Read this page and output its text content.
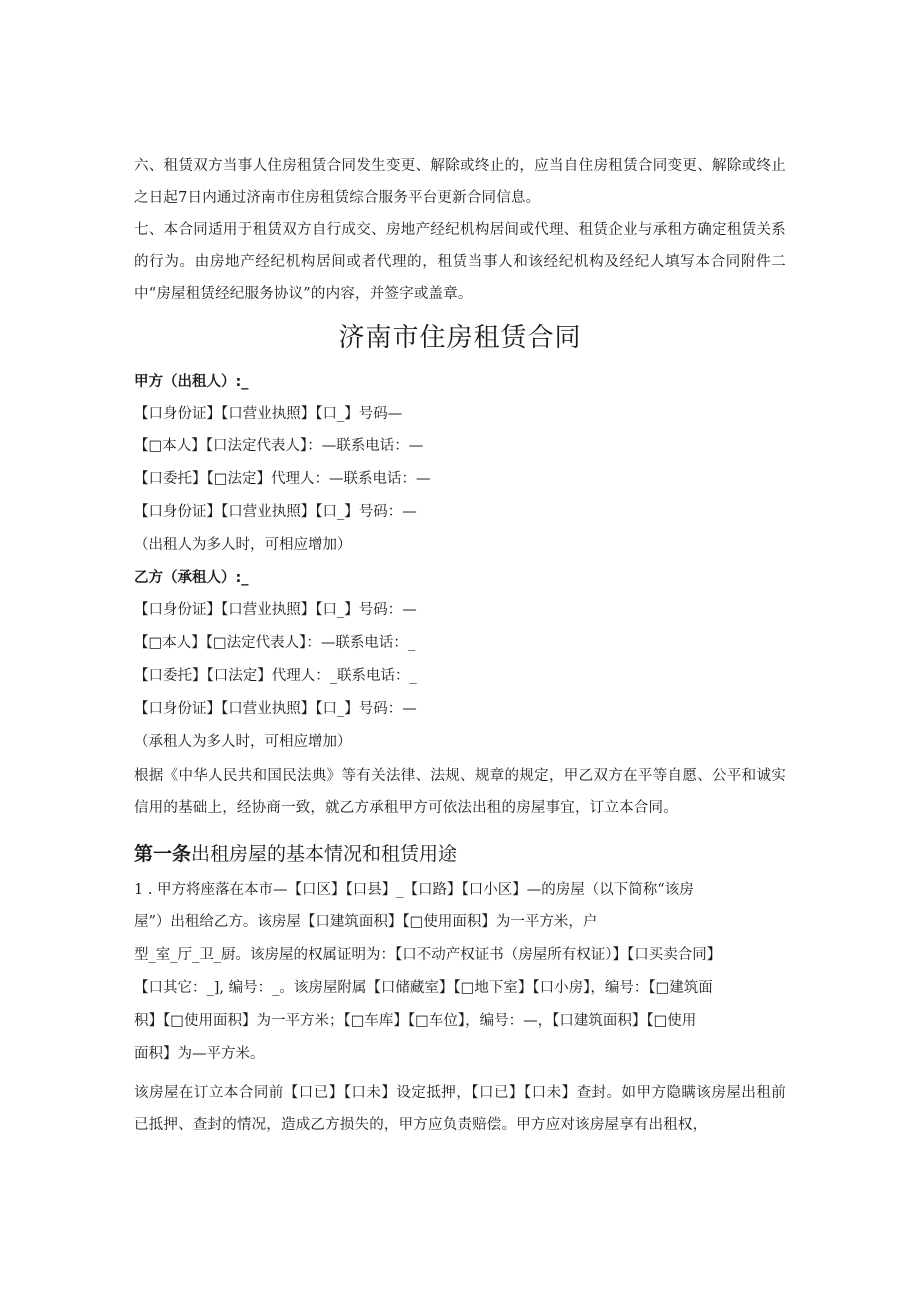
六、租赁双方当事人住房租赁合同发生变更、解除或终止的，应当自住房租赁合同变更、解除或终止之日起7日内通过济南市住房租赁综合服务平台更新合同信息。

七、本合同适用于租赁双方自行成交、房地产经纪机构居间或代理、租赁企业与承租方确定租赁关系的行为。由房地产经纪机构居间或者代理的，租赁当事人和该经纪机构及经纪人填写本合同附件二中“房屋租赁经纪服务协议”的内容，并签字或盖章。

济南市住房租赁合同
甲方（出租人）:_
【口身份证】【口营业执照】【口_】号码—
【□本人】【口法定代表人】：—联系电话：—
【口委托】【□法定】代理人：—联系电话：—
【口身份证】【口营业执照】【口_】号码：—
（出租人为多人时，可相应增加）
乙方（承租人）:_
【口身份证】【口营业执照】【口_】号码：—
【□本人】【□法定代表人】：—联系电话：_
【口委托】【口法定】代理人：_联系电话：_
【口身份证】【口营业执照】【口_】号码：—
（承租人为多人时，可相应增加）

根据《中华人民共和国民法典》等有关法律、法规、规章的规定，甲乙双方在平等自愿、公平和诚实信用的基础上，经协商一致，就乙方承租甲方可依法出租的房屋事宜，订立本合同。

第一条出租房屋的基本情况和租赁用途
1 . 甲方将座落在本市—【口区】【口县】_【口路】【口小区】—的房屋（以下简称“该房
屋”）出租给乙方。该房屋【口建筑面积】【□使用面积】为一平方米，户
型_室_厅_卫_厨。该房屋的权属证明为：【口不动产权证书（房屋所有权证）】【口买卖合同】
【口其它：_], 编号：_。该房屋附属【口储藏室】【□地下室】【口小房】，编号：【□建筑面
积】【□使用面积】为一平方米；【□车库】【□车位】，编号：—，【口建筑面积】【□使用
面积】为—平方米。

该房屋在订立本合同前【口已】【口未】设定抵押，【口已】【口未】查封。如甲方隐瞒该房屋出租前已抵押、查封的情况，造成乙方损失的，甲方应负责赔偿。甲方应对该房屋享有出租权，
